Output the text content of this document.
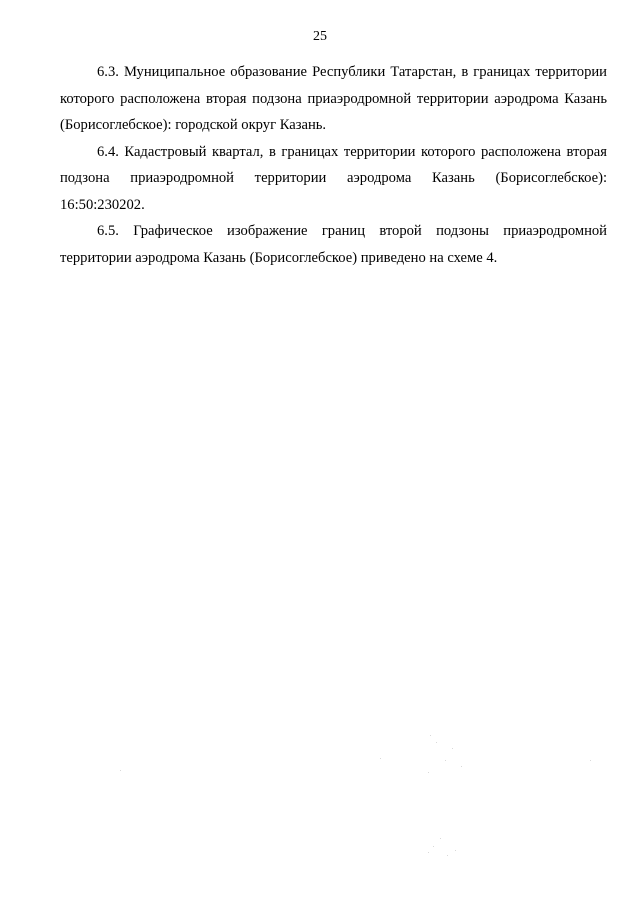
25

6.3. Муниципальное образование Республики Татарстан, в границах территории которого расположена вторая подзона приаэродромной территории аэродрома Казань (Борисоглебское): городской округ Казань.

6.4. Кадастровый квартал, в границах территории которого расположена вторая подзона приаэродромной территории аэродрома Казань (Борисоглебское): 16:50:230202.

6.5. Графическое изображение границ второй подзоны приаэродромной территории аэродрома Казань (Борисоглебское) приведено на схеме 4.
